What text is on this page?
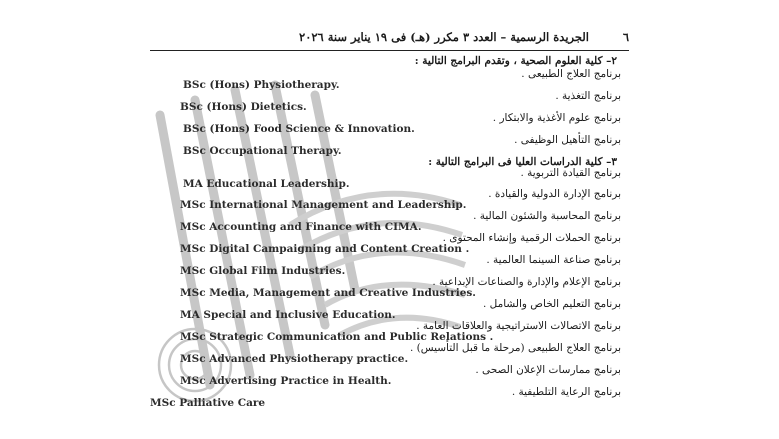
الجريدة الرسمية – العدد ٣ مكرر (هـ) فى ١٩ يناير سنة ٢٠٢٦	٦
٢– كلية العلوم الصحية ، وتقدم البرامج التالية :
برنامج العلاج الطبيعى .
BSc (Hons) Physiotherapy.
برنامج التغذية .
BSc (Hons) Dietetics.
برنامج علوم الأغذية والابتكار .
BSc (Hons) Food Science & Innovation.
برنامج التأهيل الوظيفى .
BSc Occupational Therapy.
٣– كلية الدراسات العليا فى البرامج التالية :
برنامج القيادة التربوية .
MA Educational Leadership.
برنامج الإدارة الدولية والقيادة .
MSc International Management and Leadership.
برنامج المحاسبة والشئون المالية .
MSc Accounting and Finance with CIMA.
برنامج الحملات الرقمية وإنشاء المحتوى .
MSc Digital Campaigning and Content Creation .
برنامج صناعة السينما العالمية .
MSc Global Film Industries.
برنامج الإعلام والإدارة والصناعات الإبداعية .
MSc Media, Management and Creative Industries.
برنامج التعليم الخاص والشامل .
MA Special and Inclusive Education.
برنامج الاتصالات الاستراتيجية والعلاقات العامة .
MSc Strategic Communication and Public Relations .
برنامج العلاج الطبيعى (مرحلة ما قبل التأسيس) .
MSc Advanced Physiotherapy practice.
برنامج ممارسات الإعلان الصحى .
MSc Advertising Practice in Health.
برنامج الرعاية التلطيفية .
MSc Palliative Care
